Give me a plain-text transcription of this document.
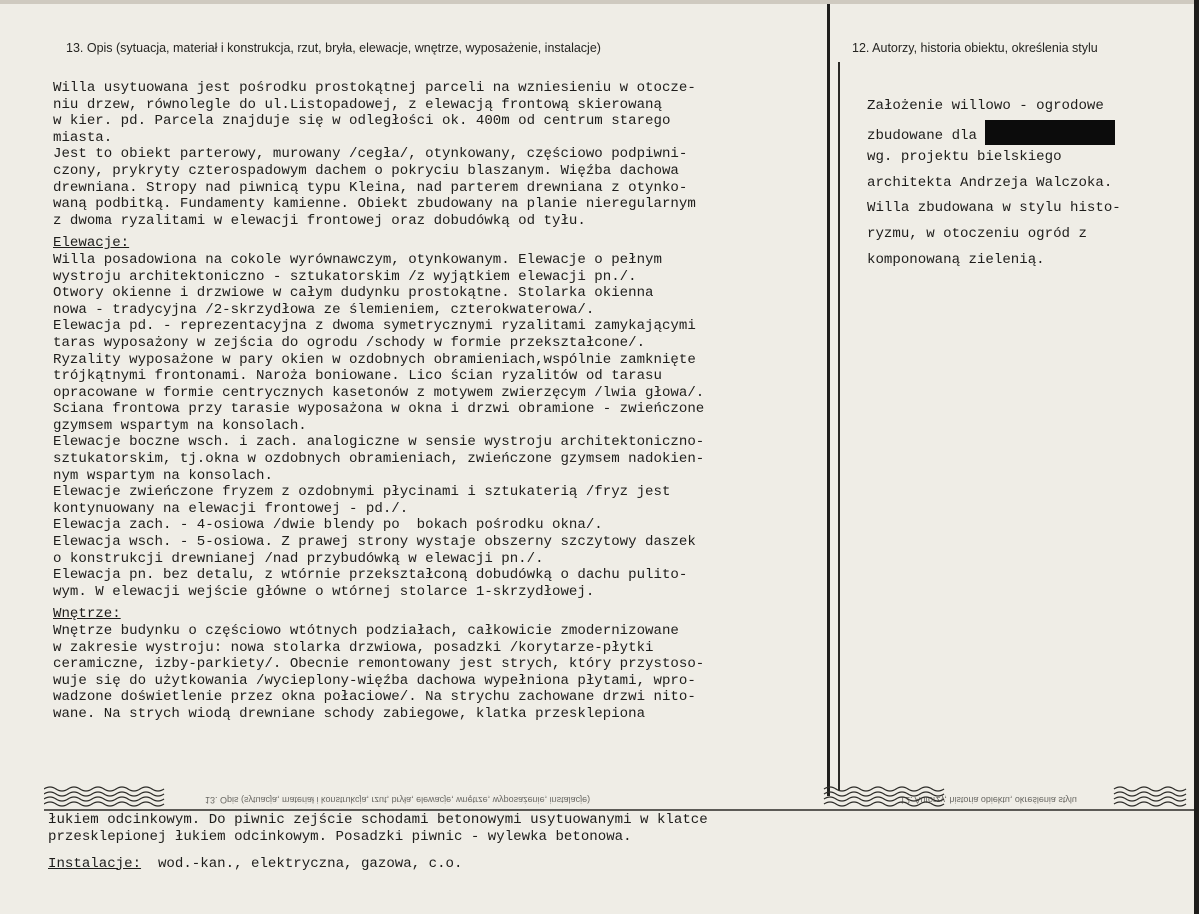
13. Opis (sytuacja, materiał i konstrukcja, rzut, bryła, elewacje, wnętrze, wyposażenie, instalacje)	12. Autorzy, historia obiektu, określenia stylu
Willa usytuowana jest pośrodku prostokątnej parceli na wzniesieniu w otocze-
niu drzew, równolegle do ul.Listopadowej, z elewacją frontową skierowaną
w kier. pd. Parcela znajduje się w odległości ok. 400m od centrum starego
miasta.
Jest to obiekt parterowy, murowany /cegła/, otynkowany, częściowo podpiwni-
czony, prykryty czterospadowym dachem o pokryciu blaszanym. Więźba dachowa
drewniana. Stropy nad piwnicą typu Kleina, nad parterem drewniana z otynko-
waną podbitką. Fundamenty kamienne. Obiekt zbudowany na planie nieregularnym
z dwoma ryzalitami w elewacji frontowej oraz dobudówką od tyłu.
Elewacje:
Willa posadowiona na cokole wyrównawczym, otynkowanym. Elewacje o pełnym
wystroju architektoniczno - sztukatorskim /z wyjątkiem elewacji pn./.
Otwory okienne i drzwiowe w całym dudynku prostokątne. Stolarka okienna
nowa - tradycyjna /2-skrzydłowa ze ślemieniem, czterokwaterowa/.
Elewacja pd. - reprezentacyjna z dwoma symetrycznymi ryzalitami zamykającymi
taras wyposażony w zejścia do ogrodu /schody w formie przekształcone/.
Ryzality wyposażone w pary okien w ozdobnych obramieniach,wspólnie zamknięte
trójkątnymi frontonami. Naroża boniowane. Lico ścian ryzalitów od tarasu
opracowane w formie centrycznych kasetonów z motywem zwierzęcym /lwia głowa/.
Sciana frontowa przy tarasie wyposażona w okna i drzwi obramione - zwieńczone
gzymsem wspartym na konsolach.
Elewacje boczne wsch. i zach. analogiczne w sensie wystroju architektoniczno-
sztukatorskim, tj.okna w ozdobnych obramieniach, zwieńczone gzymsem nadokien-
nym wspartym na konsolach.
Elewacje zwieńczone fryzem z ozdobnymi płycinami i sztukaterią /fryz jest
kontynuowany na elewacji frontowej - pd./.
Elewacja zach. - 4-osiowa /dwie blendy po  bokach pośrodku okna/.
Elewacja wsch. - 5-osiowa. Z prawej strony wystaje obszerny szczytowy daszek
o konstrukcji drewnianej /nad przybudówką w elewacji pn./.
Elewacja pn. bez detalu, z wtórnie przekształconą dobudówką o dachu pulito-
wym. W elewacji wejście główne o wtórnej stolarce 1-skrzydłowej.
Wnętrze:
Wnętrze budynku o częściowo wtótnych podziałach, całkowicie zmodernizowane
w zakresie wystroju: nowa stolarka drzwiowa, posadzki /korytarze-płytki
ceramiczne, izby-parkiety/. Obecnie remontowany jest strych, który przystoso-
wuje się do użytkowania /wycieplony-więźba dachowa wypełniona płytami, wpro-
wadzone doświetlenie przez okna połaciowe/. Na strychu zachowane drzwi nito-
wane. Na strych wiodą drewniane schody zabiegowe, klatka przesklepiona
Założenie willowo - ogrodowe
zbudowane dla
wg. projektu bielskiego
architekta Andrzeja Walczoka.
Willa zbudowana w stylu histo-
ryzmu, w otoczeniu ogród z
komponowaną zielenią.
13. Opis (sytuacja, materiał i konstrukcja, rzut, bryła, elewacje, wnętrze, wyposażenie, instalacje)	12. Autorzy, historia obiektu, określenia stylu
łukiem odcinkowym. Do piwnic zejście schodami betonowymi usytuowanymi w klatce
przesklepionej łukiem odcinkowym. Posadzki piwnic - wylewka betonowa.
Instalacje: wod.-kan., elektryczna, gazowa, c.o.
